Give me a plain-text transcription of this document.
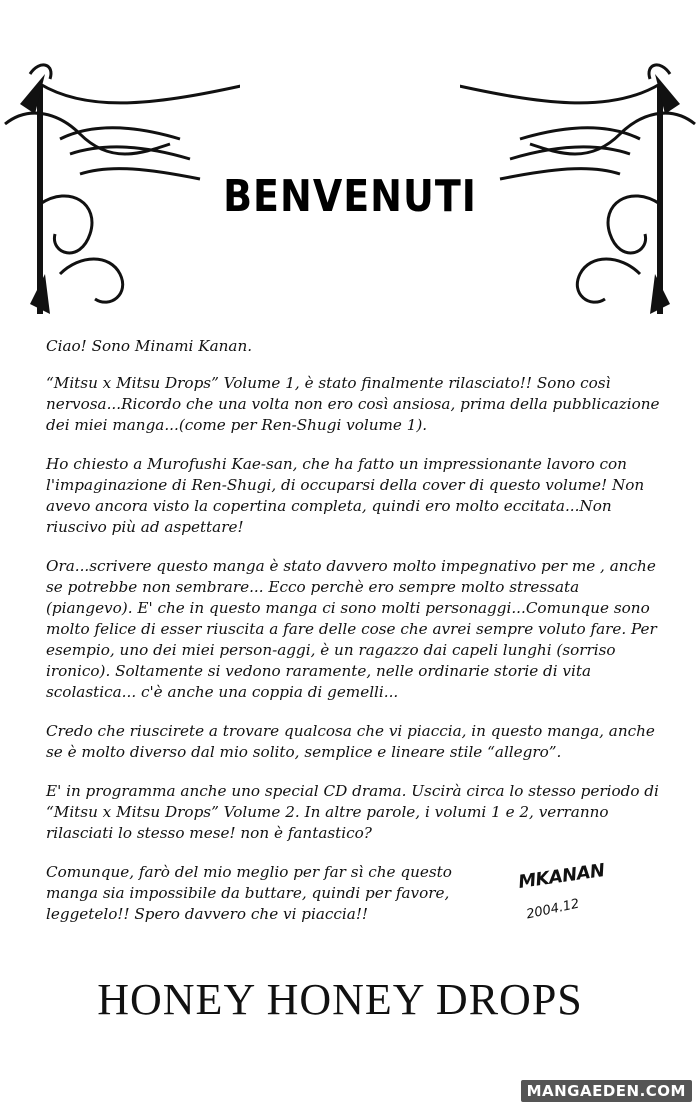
BENVENUTI

Ciao! Sono Minami Kanan.

“Mitsu x Mitsu Drops” Volume 1, è stato finalmente rilasciato!! Sono così nervosa...Ricordo che una volta non ero così ansiosa, prima della pubblicazione dei miei manga...(come per Ren-Shugi volume 1).

Ho chiesto a Murofushi Kae-san, che ha fatto un impressionante lavoro con l'impaginazione di Ren-Shugi, di occuparsi della cover di questo volume! Non avevo ancora visto la copertina completa, quindi ero molto eccitata...Non riuscivo più ad aspettare!

Ora...scrivere questo manga è stato davvero molto impegnativo per me , anche se potrebbe non sembrare... Ecco perchè ero sempre molto stressata (piangevo). E' che in questo manga ci sono molti personaggi...Comunque sono molto felice di esser riuscita a fare delle cose che avrei sempre voluto fare. Per esempio, uno dei miei person-aggi, è un ragazzo dai capeli lunghi (sorriso ironico). Soltamente si vedono raramente, nelle ordinarie storie di vita scolastica... c'è anche una coppia di gemelli...

Credo che riuscirete a trovare qualcosa che vi piaccia, in questo manga, anche se è molto diverso dal mio solito, semplice e lineare stile “allegro”.

E' in programma anche uno special CD drama. Uscirà circa lo stesso periodo di “Mitsu x Mitsu Drops” Volume 2. In altre parole, i volumi 1 e 2, verranno rilasciati lo stesso mese! non è fantastico?

Comunque, farò del mio meglio per far sì che questo manga sia impossibile da buttare, quindi per favore, leggetelo!! Spero davvero che vi piaccia!!

MKANAN
2004.12
HONEY HONEY DROPS
MANGAEDEN.COM
